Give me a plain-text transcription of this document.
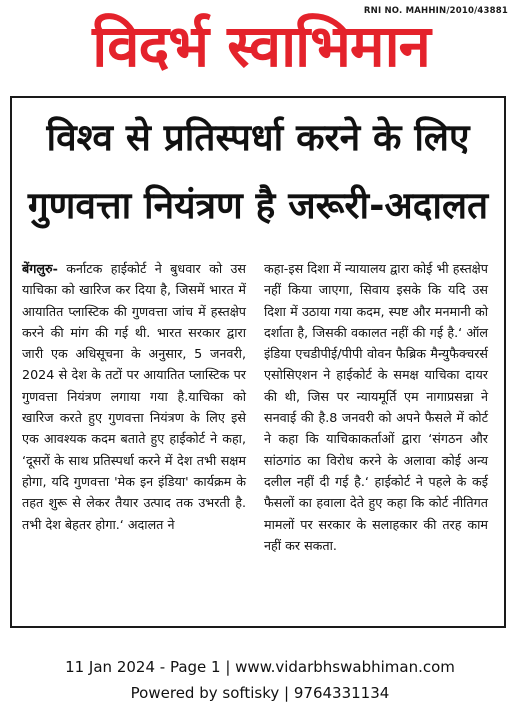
RNI NO. MAHHIN/2010/43881
विदर्भ स्वाभिमान
विश्व से प्रतिस्पर्धा करने के लिए
गुणवत्ता नियंत्रण है जरूरी-अदालत
बेंगलुरु- कर्नाटक हाईकोर्ट ने बुधवार को उस याचिका को खारिज कर दिया है, जिसमें भारत में आयातित प्लास्टिक की गुणवत्ता जांच में हस्तक्षेप करने की मांग की गई थी. भारत सरकार द्वारा जारी एक अधिसूचना के अनुसार, 5 जनवरी, 2024 से देश के तटों पर आयातित प्लास्टिक पर गुणवत्ता नियंत्रण लगाया गया है.याचिका को खारिज करते हुए गुणवत्ता नियंत्रण के लिए इसे एक आवश्यक कदम बताते हुए हाईकोर्ट ने कहा, ‘दूसरों के साथ प्रतिस्पर्धा करने में देश तभी सक्षम होगा, यदि गुणवत्ता 'मेक इन इंडिया' कार्यक्रम के तहत शुरू से लेकर तैयार उत्पाद तक उभरती है. तभी देश बेहतर होगा.‘ अदालत ने
कहा-इस दिशा में न्यायालय द्वारा कोई भी हस्तक्षेप नहीं किया जाएगा, सिवाय इसके कि यदि उस दिशा में उठाया गया कदम, स्पष्ट और मनमानी को दर्शाता है, जिसकी वकालत नहीं की गई है.‘ ऑल इंडिया एचडीपीई/पीपी वोवन फैब्रिक मैन्युफैक्चरर्स एसोसिएशन ने हाईकोर्ट के समक्ष याचिका दायर की थी, जिस पर न्यायमूर्ति एम नागाप्रसन्ना ने सनवाई की है.8 जनवरी को अपने फैसले में कोर्ट ने कहा कि याचिकाकर्ताओं द्वारा ‘संगठन और सांठगांठ का विरोध करने के अलावा कोई अन्य दलील नहीं दी गई है.‘ हाईकोर्ट ने पहले के कई फैसलों का हवाला देते हुए कहा कि कोर्ट नीतिगत मामलों पर सरकार के सलाहकार की तरह काम नहीं कर सकता.
11 Jan 2024 - Page 1 | www.vidarbhswabhiman.com
Powered by softisky | 9764331134
